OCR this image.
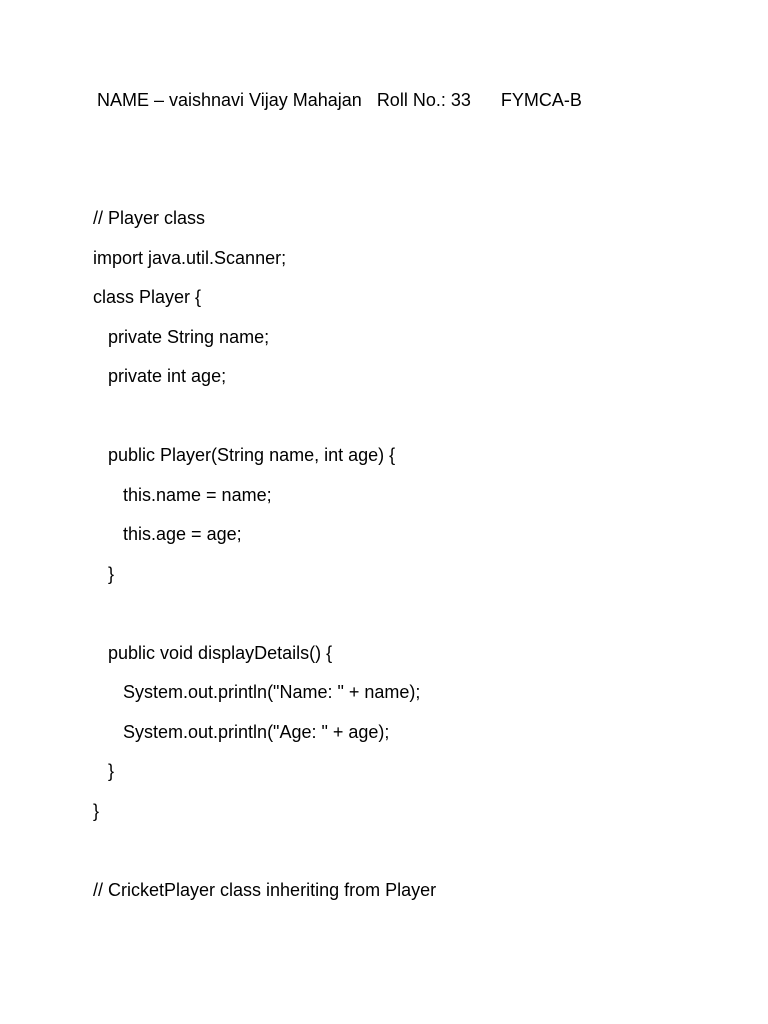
NAME – vaishnavi Vijay Mahajan Roll No.: 33 FYMCA-B
// Player class
import java.util.Scanner;
class Player {
private String name;
private int age;
public Player(String name, int age) {
this.name = name;
this.age = age;
}
public void displayDetails() {
System.out.println("Name: " + name);
System.out.println("Age: " + age);
}
}
// CricketPlayer class inheriting from Player
